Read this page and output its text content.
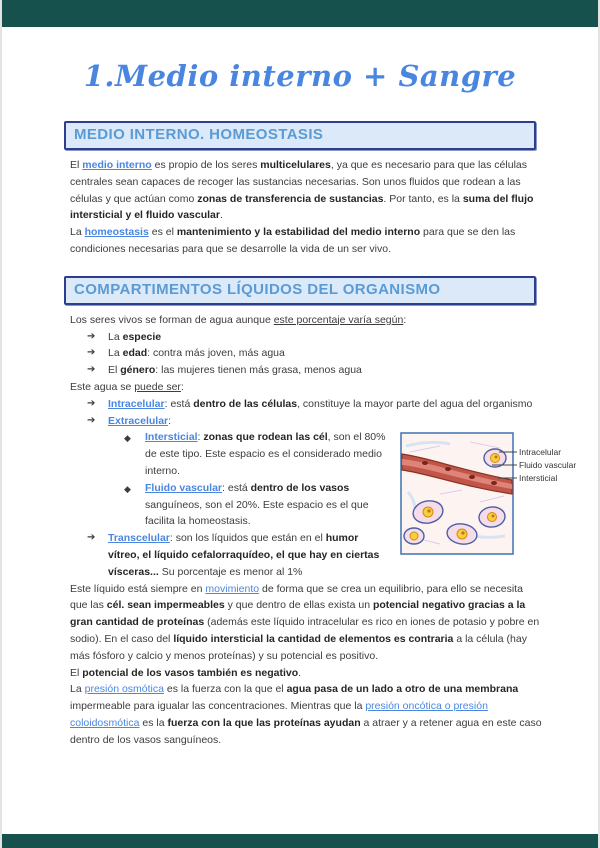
1.Medio interno + Sangre
MEDIO INTERNO. HOMEOSTASIS
El medio interno es propio de los seres multicelulares, ya que es necesario para que las células centrales sean capaces de recoger las sustancias necesarias. Son unos fluidos que rodean a las células y que actúan como zonas de transferencia de sustancias. Por tanto, es la suma del flujo intersticial y el fluido vascular.
La homeostasis es el mantenimiento y la estabilidad del medio interno para que se den las condiciones necesarias para que se desarrolle la vida de un ser vivo.
COMPARTIMENTOS LÍQUIDOS DEL ORGANISMO
Los seres vivos se forman de agua aunque este porcentaje varía según:
➔ La especie
➔ La edad: contra más joven, más agua
➔ El género: las mujeres tienen más grasa, menos agua
Este agua se puede ser:
➔ Intracelular: está dentro de las células, constituye la mayor parte del agua del organismo
➔ Extracelular:
Intracelular
Fluido vascular
Intersticial
◆ Intersticial: zonas que rodean las cél, son el 80% de este tipo. Este espacio es el considerado medio interno.
◆ Fluido vascular: está dentro de los vasos sanguíneos, son el 20%. Este espacio es el que facilita la homeostasis.
➔ Transcelular: son los líquidos que están en el humor vítreo, el líquido cefalorraquídeo, el que hay en ciertas vísceras... Su porcentaje es menor al 1%
Este líquido está siempre en movimiento de forma que se crea un equilibrio, para ello se necesita que las cél. sean impermeables y que dentro de ellas exista un potencial negativo gracias a la gran cantidad de proteínas (además este líquido intracelular es rico en iones de potasio y pobre en sodio). En el caso del líquido intersticial la cantidad de elementos es contraria a la célula (hay más fósforo y calcio y menos proteínas) y su potencial es positivo.
El potencial de los vasos también es negativo.
La presión osmótica es la fuerza con la que el agua pasa de un lado a otro de una membrana impermeable para igualar las concentraciones. Mientras que la presión oncótica o presión coloidosmótica es la fuerza con la que las proteínas ayudan a atraer y a retener agua en este caso dentro de los vasos sanguíneos.
